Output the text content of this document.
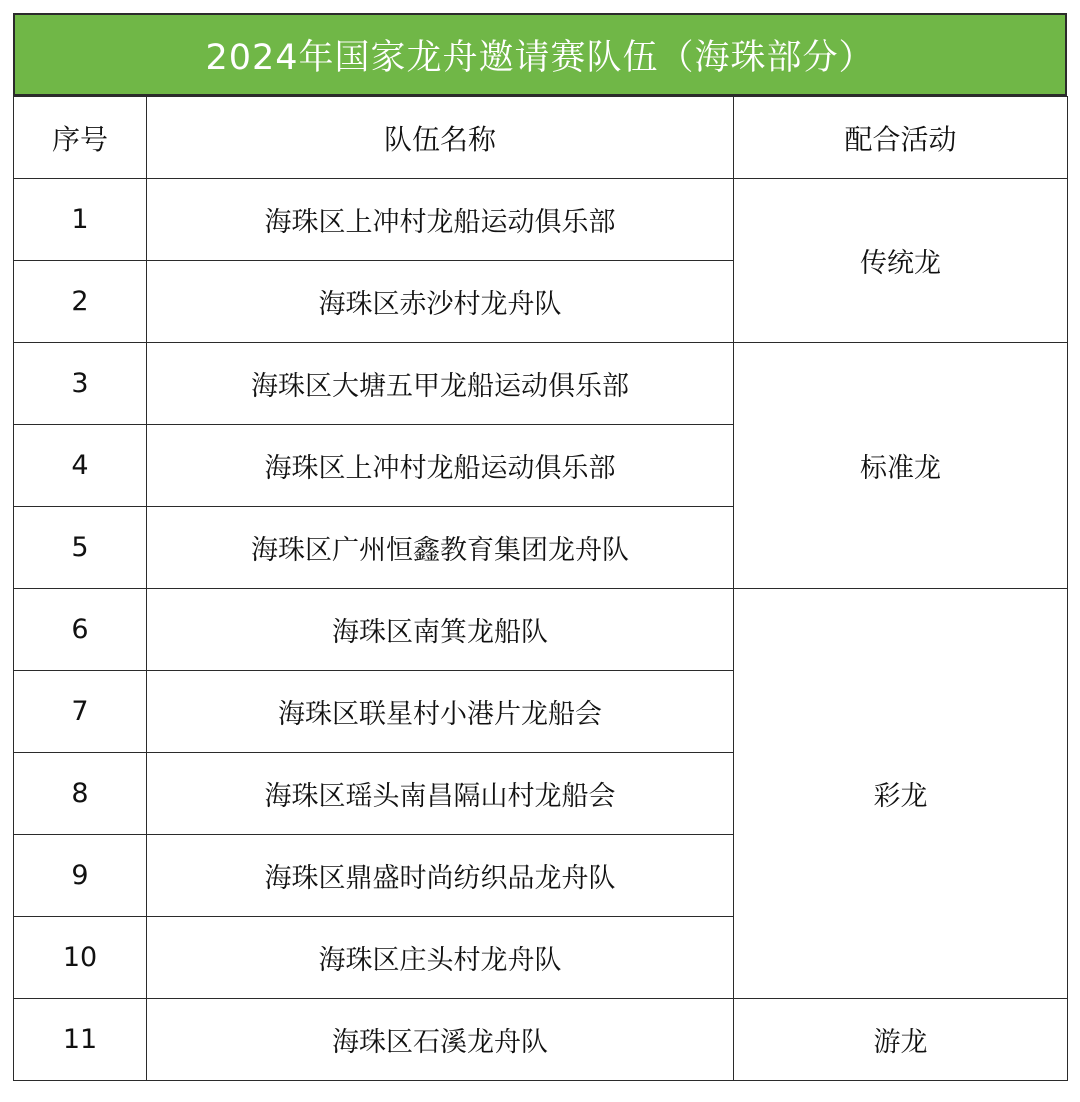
2024年国家龙舟邀请赛队伍（海珠部分）
序号	队伍名称	配合活动
1	海珠区上冲村龙船运动俱乐部	传统龙
2	海珠区赤沙村龙舟队	
3	海珠区大塘五甲龙船运动俱乐部	标准龙
4	海珠区上冲村龙船运动俱乐部	
5	海珠区广州恒鑫教育集团龙舟队	
6	海珠区南箕龙船队	彩龙
7	海珠区联星村小港片龙船会	
8	海珠区瑶头南昌隔山村龙船会	
9	海珠区鼎盛时尚纺织品龙舟队	
10	海珠区庄头村龙舟队	
11	海珠区石溪龙舟队	游龙
